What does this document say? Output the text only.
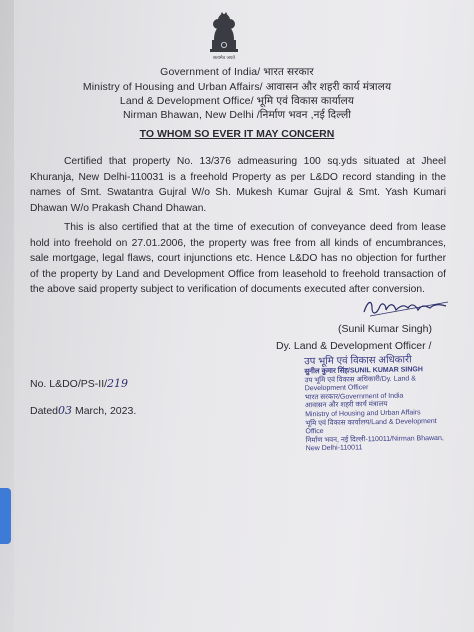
सत्यमेव जयते
Government of India/ भारत सरकार
Ministry of Housing and Urban Affairs/ आवासन और शहरी कार्य मंत्रालय
Land & Development Office/ भूमि एवं विकास कार्यालय
Nirman Bhawan, New Delhi /निर्माण भवन ,नई दिल्ली
TO WHOM SO EVER IT MAY CONCERN
Certified that property No. 13/376 admeasuring 100 sq.yds situated at Jheel Khuranja, New Delhi-110031 is a freehold Property as per L&DO record standing in the names of Smt. Swatantra Gujral W/o Sh. Mukesh Kumar Gujral & Smt. Yash Kumari Dhawan W/o Prakash Chand Dhawan.
This is also certified that at the time of execution of conveyance deed from lease hold into freehold on 27.01.2006, the property was free from all kinds of encumbrances, sale mortgage, legal flaws, court injunctions etc. Hence L&DO has no objection for further of the property by Land and Development Office from leasehold to freehold transaction of the above said property subject to verification of documents executed after conversion.
(Sunil Kumar Singh)
Dy. Land & Development Officer /
उप भूमि एवं विकास अधिकारी
सुनील कुमार सिंह/SUNIL KUMAR SINGH
उप भूमि एवं विकास अधिकारी/Dy. Land & Development Officer
भारत सरकार/Government of India
आवासन और शहरी कार्य मंत्रालय
Ministry of Housing and Urban Affairs
भूमि एवं विकास कार्यालय/Land & Development Office
निर्माण भवन, नई दिल्ली-110011/Nirman Bhawan, New Delhi-110011
No. L&DO/PS-II/219
Dated03 March, 2023.
